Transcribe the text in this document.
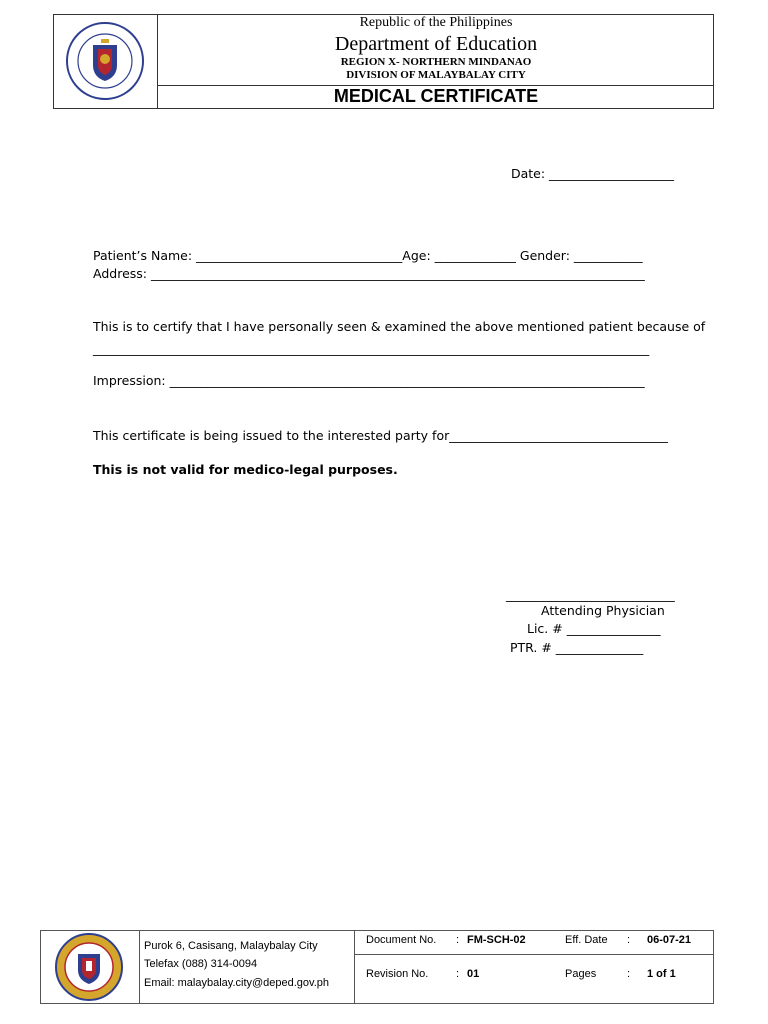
Republic of the Philippines
Department of Education
REGION X- NORTHERN MINDANAO
DIVISION OF MALAYBALAY CITY
MEDICAL CERTIFICATE
Date: ____________________
Patient’s Name: _________________________________Age: _____________ Gender: ___________
Address: _______________________________________________________________________________
This is to certify that I have personally seen & examined the above mentioned patient because of
_________________________________________________________________________________________
Impression: ____________________________________________________________________________
This certificate is being issued to the interested party for___________________________________
This is not valid for medico-legal purposes.
___________________________
Attending Physician
Lic. # _______________
PTR. # ______________
Purok 6, Casisang, Malaybalay City
Telefax (088) 314-0094
Email: malaybalay.city@deped.gov.ph
Document No. : FM-SCH-02	Eff. Date : 06-07-21
Revision No.	: 01	Pages	: 1 of 1
